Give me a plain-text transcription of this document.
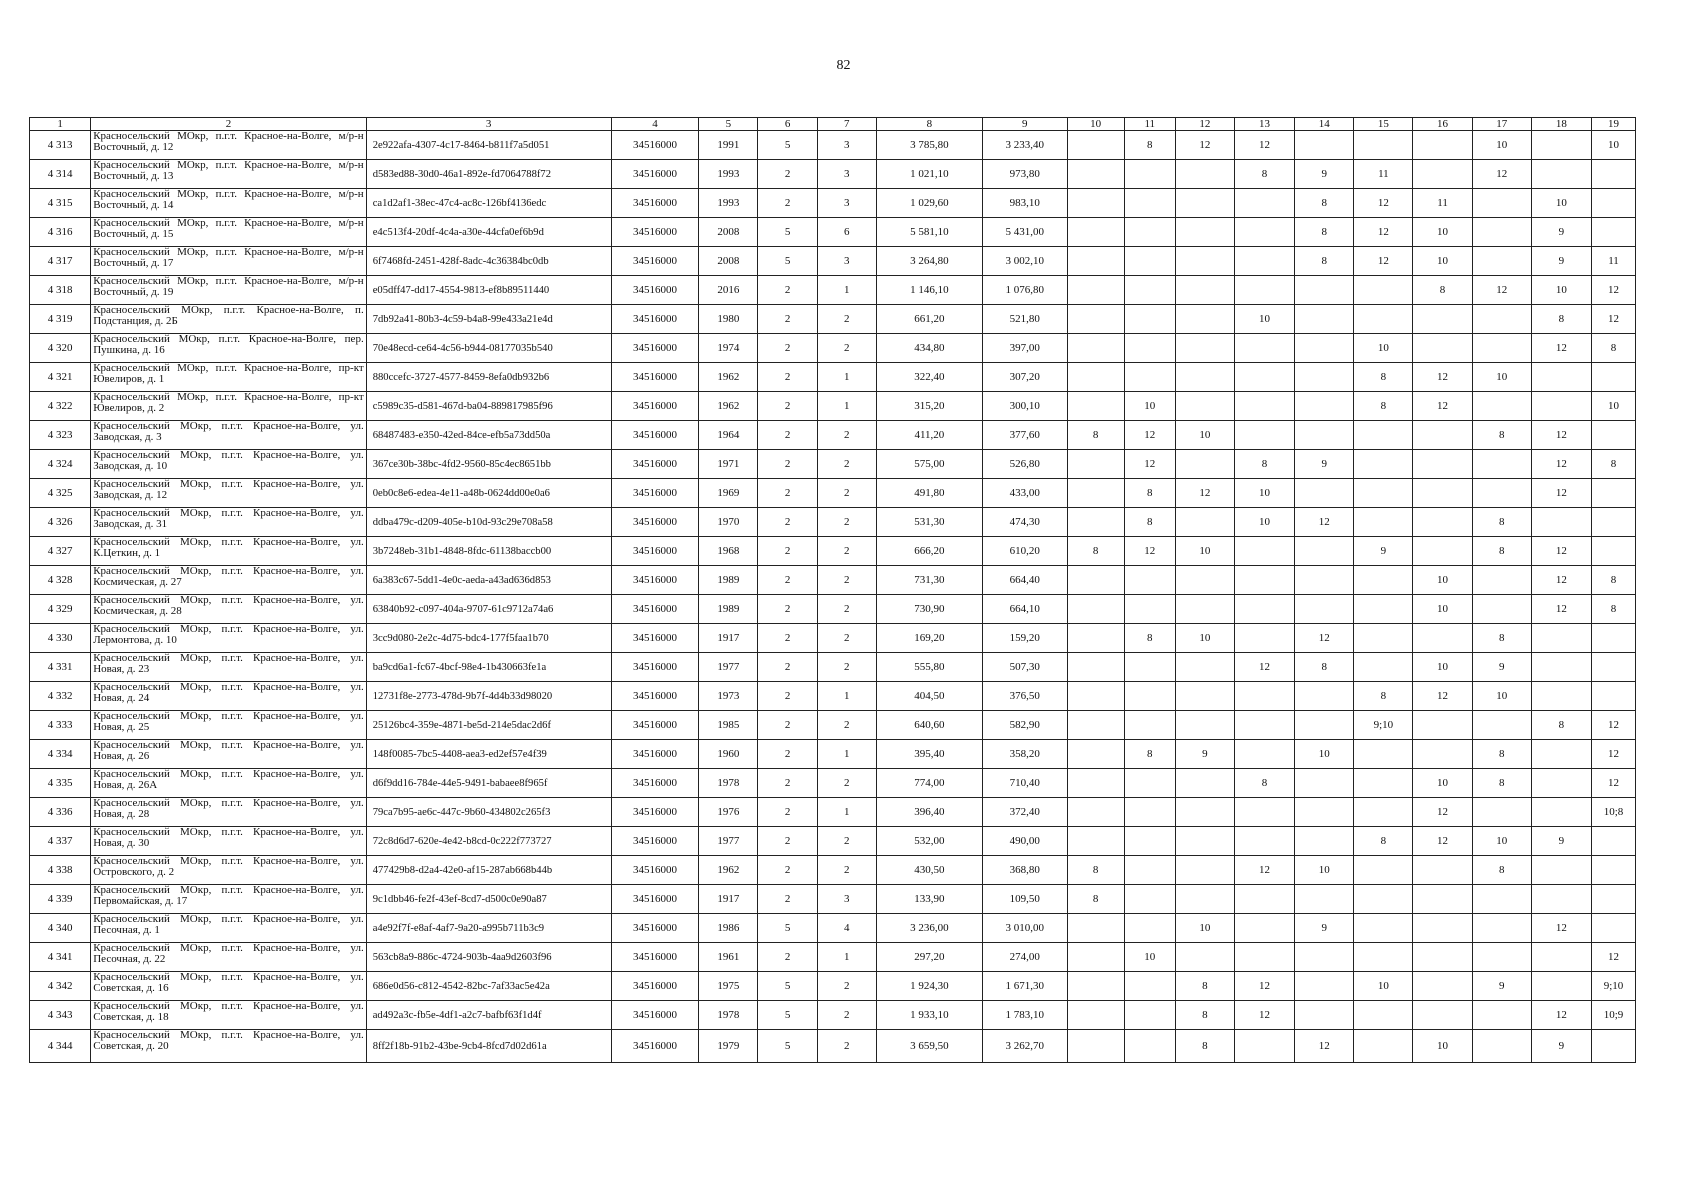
82
1	2	3	4	5	6	7	8	9	10	11	12	13	14	15	16	17	18	19
4 313	Красносельский МОкр, п.г.т. Красное-на-Волге, м/р-н Восточный, д. 12	2e922afa-4307-4c17-8464-b811f7a5d051	34516000	1991	5	3	3 785,80	3 233,40		8	12	12				10		10
4 314	Красносельский МОкр, п.г.т. Красное-на-Волге, м/р-н Восточный, д. 13	d583ed88-30d0-46a1-892e-fd7064788f72	34516000	1993	2	3	1 021,10	973,80				8	9	11		12		
4 315	Красносельский МОкр, п.г.т. Красное-на-Волге, м/р-н Восточный, д. 14	ca1d2af1-38ec-47c4-ac8c-126bf4136edc	34516000	1993	2	3	1 029,60	983,10					8	12	11		10	
4 316	Красносельский МОкр, п.г.т. Красное-на-Волге, м/р-н Восточный, д. 15	e4c513f4-20df-4c4a-a30e-44cfa0ef6b9d	34516000	2008	5	6	5 581,10	5 431,00					8	12	10		9	
4 317	Красносельский МОкр, п.г.т. Красное-на-Волге, м/р-н Восточный, д. 17	6f7468fd-2451-428f-8adc-4c36384bc0db	34516000	2008	5	3	3 264,80	3 002,10					8	12	10		9	11
4 318	Красносельский МОкр, п.г.т. Красное-на-Волге, м/р-н Восточный, д. 19	e05dff47-dd17-4554-9813-ef8b89511440	34516000	2016	2	1	1 146,10	1 076,80							8	12	10	12
4 319	Красносельский МОкр, п.г.т. Красное-на-Волге, п. Подстанция, д. 2Б	7db92a41-80b3-4c59-b4a8-99e433a21e4d	34516000	1980	2	2	661,20	521,80				10					8	12
4 320	Красносельский МОкр, п.г.т. Красное-на-Волге, пер. Пушкина, д. 16	70e48ecd-ce64-4c56-b944-08177035b540	34516000	1974	2	2	434,80	397,00						10			12	8
4 321	Красносельский МОкр, п.г.т. Красное-на-Волге, пр-кт Ювелиров, д. 1	880ccefc-3727-4577-8459-8efa0db932b6	34516000	1962	2	1	322,40	307,20						8	12	10		
4 322	Красносельский МОкр, п.г.т. Красное-на-Волге, пр-кт Ювелиров, д. 2	c5989c35-d581-467d-ba04-889817985f96	34516000	1962	2	1	315,20	300,10		10				8	12			10
4 323	Красносельский МОкр, п.г.т. Красное-на-Волге, ул. Заводская, д. 3	68487483-e350-42ed-84ce-efb5a73dd50a	34516000	1964	2	2	411,20	377,60	8	12	10					8	12	
4 324	Красносельский МОкр, п.г.т. Красное-на-Волге, ул. Заводская, д. 10	367ce30b-38bc-4fd2-9560-85c4ec8651bb	34516000	1971	2	2	575,00	526,80		12		8	9				12	8
4 325	Красносельский МОкр, п.г.т. Красное-на-Волге, ул. Заводская, д. 12	0eb0c8e6-edea-4e11-a48b-0624dd00e0a6	34516000	1969	2	2	491,80	433,00		8	12	10					12	
4 326	Красносельский МОкр, п.г.т. Красное-на-Волге, ул. Заводская, д. 31	ddba479c-d209-405e-b10d-93c29e708a58	34516000	1970	2	2	531,30	474,30		8		10	12			8		
4 327	Красносельский МОкр, п.г.т. Красное-на-Волге, ул. К.Цеткин, д. 1	3b7248eb-31b1-4848-8fdc-61138baccb00	34516000	1968	2	2	666,20	610,20	8	12	10			9		8	12	
4 328	Красносельский МОкр, п.г.т. Красное-на-Волге, ул. Космическая, д. 27	6a383c67-5dd1-4e0c-aeda-a43ad636d853	34516000	1989	2	2	731,30	664,40							10		12	8
4 329	Красносельский МОкр, п.г.т. Красное-на-Волге, ул. Космическая, д. 28	63840b92-c097-404a-9707-61c9712a74a6	34516000	1989	2	2	730,90	664,10							10		12	8
4 330	Красносельский МОкр, п.г.т. Красное-на-Волге, ул. Лермонтова, д. 10	3cc9d080-2e2c-4d75-bdc4-177f5faa1b70	34516000	1917	2	2	169,20	159,20		8	10		12			8		
4 331	Красносельский МОкр, п.г.т. Красное-на-Волге, ул. Новая, д. 23	ba9cd6a1-fc67-4bcf-98e4-1b430663fe1a	34516000	1977	2	2	555,80	507,30				12	8		10	9		
4 332	Красносельский МОкр, п.г.т. Красное-на-Волге, ул. Новая, д. 24	12731f8e-2773-478d-9b7f-4d4b33d98020	34516000	1973	2	1	404,50	376,50						8	12	10		
4 333	Красносельский МОкр, п.г.т. Красное-на-Волге, ул. Новая, д. 25	25126bc4-359e-4871-be5d-214e5dac2d6f	34516000	1985	2	2	640,60	582,90						9;10			8	12
4 334	Красносельский МОкр, п.г.т. Красное-на-Волге, ул. Новая, д. 26	148f0085-7bc5-4408-aea3-ed2ef57e4f39	34516000	1960	2	1	395,40	358,20		8	9		10			8		12
4 335	Красносельский МОкр, п.г.т. Красное-на-Волге, ул. Новая, д. 26А	d6f9dd16-784e-44e5-9491-babaee8f965f	34516000	1978	2	2	774,00	710,40				8			10	8		12
4 336	Красносельский МОкр, п.г.т. Красное-на-Волге, ул. Новая, д. 28	79ca7b95-ae6c-447c-9b60-434802c265f3	34516000	1976	2	1	396,40	372,40							12			10;8
4 337	Красносельский МОкр, п.г.т. Красное-на-Волге, ул. Новая, д. 30	72c8d6d7-620e-4e42-b8cd-0c222f773727	34516000	1977	2	2	532,00	490,00						8	12	10	9	
4 338	Красносельский МОкр, п.г.т. Красное-на-Волге, ул. Островского, д. 2	477429b8-d2a4-42e0-af15-287ab668b44b	34516000	1962	2	2	430,50	368,80	8			12	10			8		
4 339	Красносельский МОкр, п.г.т. Красное-на-Волге, ул. Первомайская, д. 17	9c1dbb46-fe2f-43ef-8cd7-d500c0e90a87	34516000	1917	2	3	133,90	109,50	8									
4 340	Красносельский МОкр, п.г.т. Красное-на-Волге, ул. Песочная, д. 1	a4e92f7f-e8af-4af7-9a20-a995b711b3c9	34516000	1986	5	4	3 236,00	3 010,00			10		9				12	
4 341	Красносельский МОкр, п.г.т. Красное-на-Волге, ул. Песочная, д. 22	563cb8a9-886c-4724-903b-4aa9d2603f96	34516000	1961	2	1	297,20	274,00		10								12
4 342	Красносельский МОкр, п.г.т. Красное-на-Волге, ул. Советская, д. 16	686e0d56-c812-4542-82bc-7af33ac5e42a	34516000	1975	5	2	1 924,30	1 671,30			8	12		10		9		9;10
4 343	Красносельский МОкр, п.г.т. Красное-на-Волге, ул. Советская, д. 18	ad492a3c-fb5e-4df1-a2c7-bafbf63f1d4f	34516000	1978	5	2	1 933,10	1 783,10			8	12					12	10;9
4 344	Красносельский МОкр, п.г.т. Красное-на-Волге, ул. Советская, д. 20	8ff2f18b-91b2-43be-9cb4-8fcd7d02d61a	34516000	1979	5	2	3 659,50	3 262,70			8		12		10		9	
